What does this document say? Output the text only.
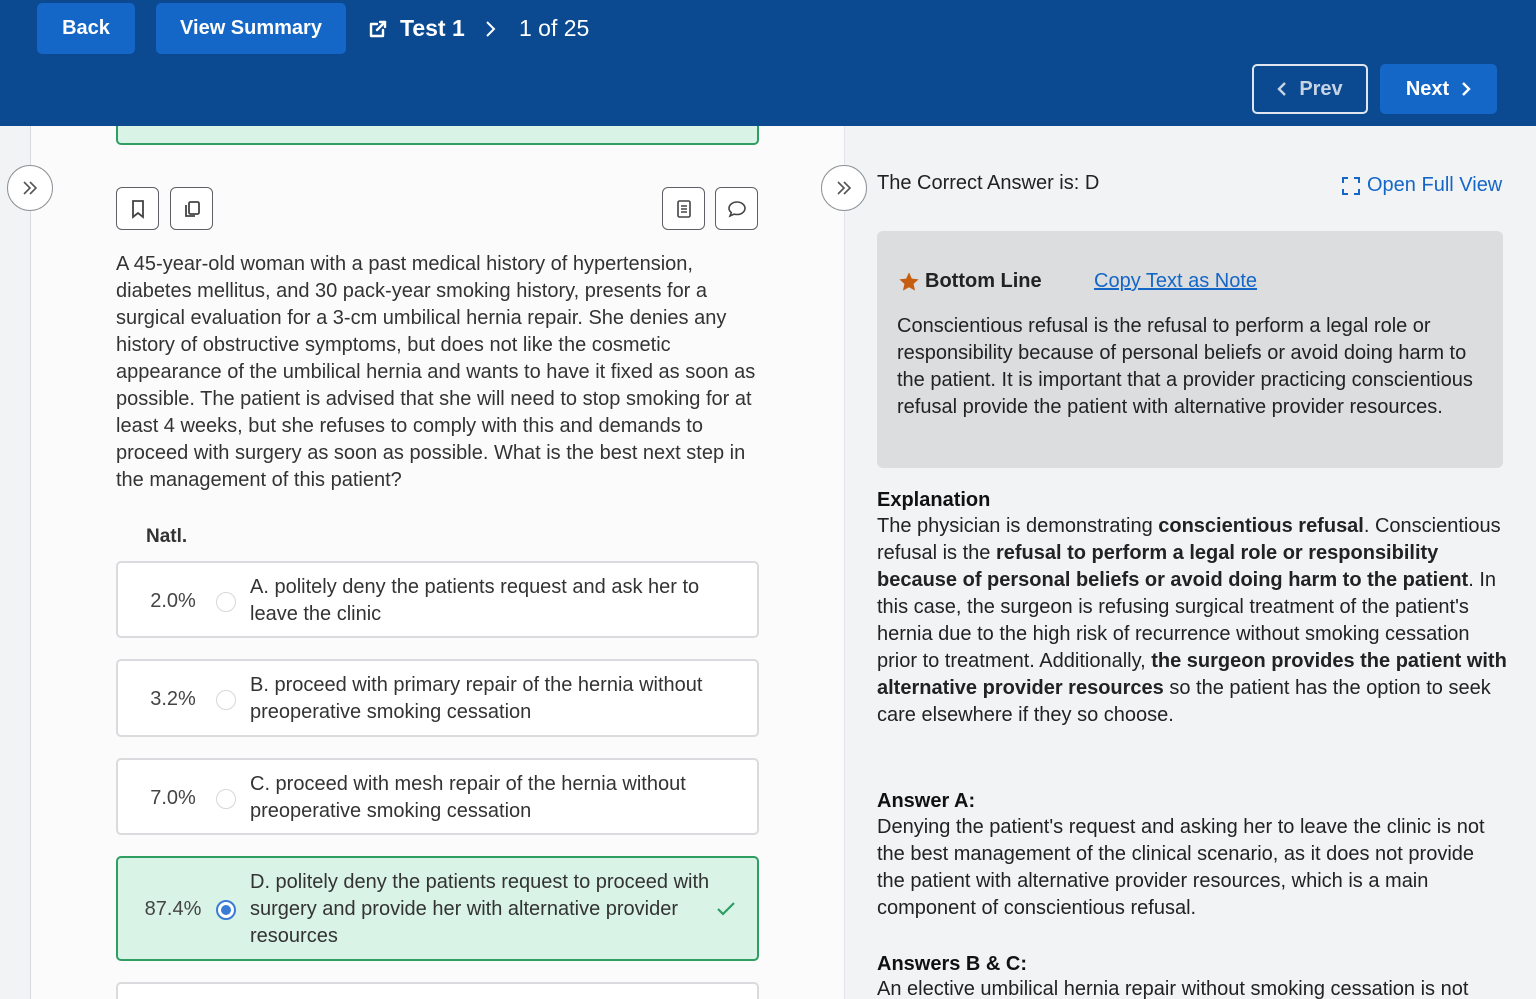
Back	View Summary	Test 1 1 of 25
Prev	Next
A 45-year-old woman with a past medical history of hypertension, diabetes mellitus, and 30 pack-year smoking history, presents for a surgical evaluation for a 3-cm umbilical hernia repair. She denies any history of obstructive symptoms, but does not like the cosmetic appearance of the umbilical hernia and wants to have it fixed as soon as possible. The patient is advised that she will need to stop smoking for at least 4 weeks, but she refuses to comply with this and demands to proceed with surgery as soon as possible. What is the best next step in the management of this patient?
Natl.
2.0%
A. politely deny the patients request and ask her to leave the clinic
3.2%
B. proceed with primary repair of the hernia without preoperative smoking cessation
7.0%
C. proceed with mesh repair of the hernia without preoperative smoking cessation
87.4%
D. politely deny the patients request to proceed with surgery and provide her with alternative provider resources
The Correct Answer is: D	Open Full View
Bottom Line	Copy Text as Note
Conscientious refusal is the refusal to perform a legal role or responsibility because of personal beliefs or avoid doing harm to the patient. It is important that a provider practicing conscientious refusal provide the patient with alternative provider resources.
Explanation
The physician is demonstrating conscientious refusal. Conscientious refusal is the refusal to perform a legal role or responsibility because of personal beliefs or avoid doing harm to the patient. In this case, the surgeon is refusing surgical treatment of the patient's hernia due to the high risk of recurrence without smoking cessation prior to treatment. Additionally, the surgeon provides the patient with alternative provider resources so the patient has the option to seek care elsewhere if they so choose.
Answer A:
Denying the patient's request and asking her to leave the clinic is not the best management of the clinical scenario, as it does not provide the patient with alternative provider resources, which is a main component of conscientious refusal.
Answers B & C:
An elective umbilical hernia repair without smoking cessation is not
